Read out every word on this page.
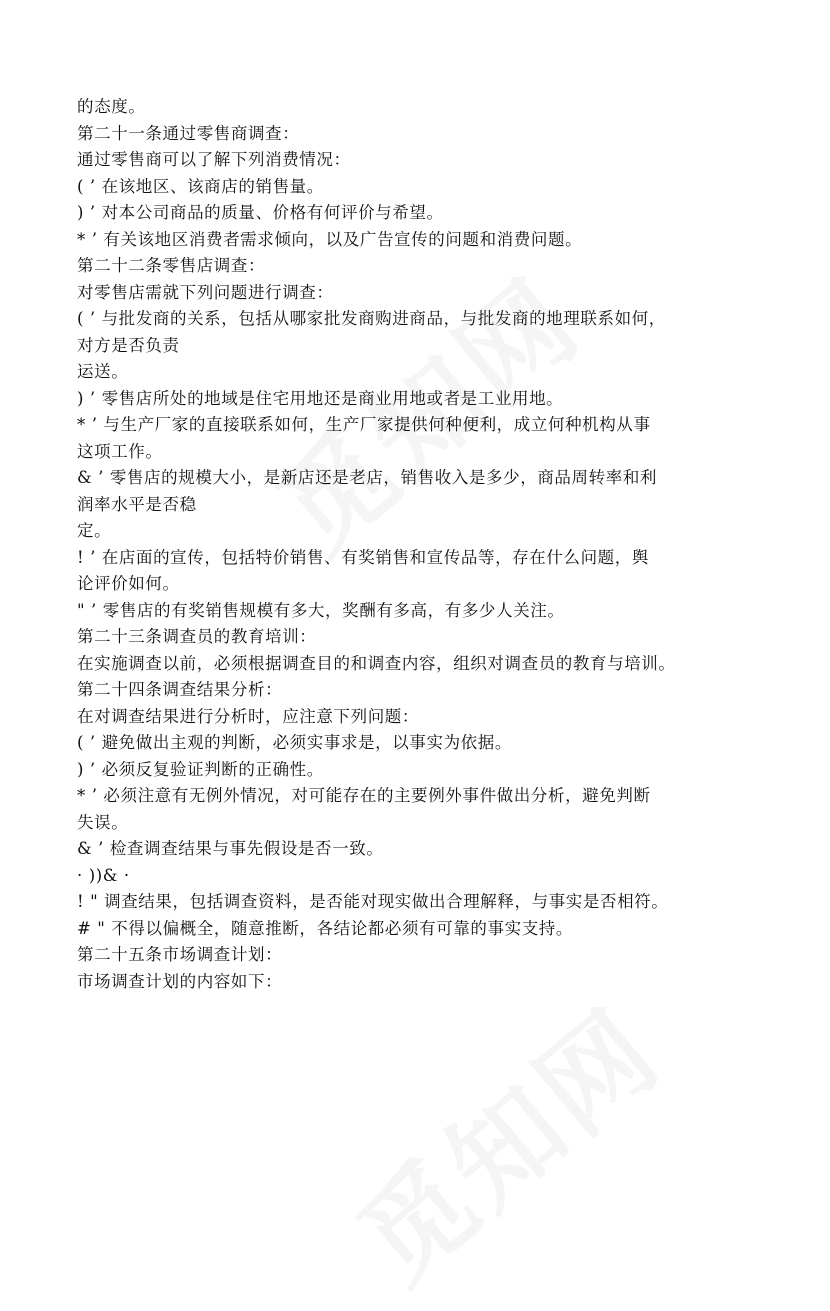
的态度。
第二十一条通过零售商调查：
通过零售商可以了解下列消费情况：
( ’ 在该地区、该商店的销售量。
) ’ 对本公司商品的质量、价格有何评价与希望。
* ’ 有关该地区消费者需求倾向，以及广告宣传的问题和消费问题。
第二十二条零售店调查：
对零售店需就下列问题进行调查：
( ’ 与批发商的关系，包括从哪家批发商购进商品，与批发商的地理联系如何，
对方是否负责
运送。
) ’ 零售店所处的地域是住宅用地还是商业用地或者是工业用地。
* ’ 与生产厂家的直接联系如何，生产厂家提供何种便利，成立何种机构从事
这项工作。
& ’ 零售店的规模大小，是新店还是老店，销售收入是多少，商品周转率和利
润率水平是否稳
定。
! ’ 在店面的宣传，包括特价销售、有奖销售和宣传品等，存在什么问题，舆
论评价如何。
" ’ 零售店的有奖销售规模有多大，奖酬有多高，有多少人关注。
第二十三条调查员的教育培训：
在实施调查以前，必须根据调查目的和调查内容，组织对调查员的教育与培训。
第二十四条调查结果分析：
在对调查结果进行分析时，应注意下列问题：
( ’ 避免做出主观的判断，必须实事求是，以事实为依据。
) ’ 必须反复验证判断的正确性。
* ’ 必须注意有无例外情况，对可能存在的主要例外事件做出分析，避免判断
失误。
& ’ 检查调查结果与事先假设是否一致。
· ))& ·
! " 调查结果，包括调查资料，是否能对现实做出合理解释，与事实是否相符。
# " 不得以偏概全，随意推断，各结论都必须有可靠的事实支持。
第二十五条市场调查计划：
市场调查计划的内容如下：
